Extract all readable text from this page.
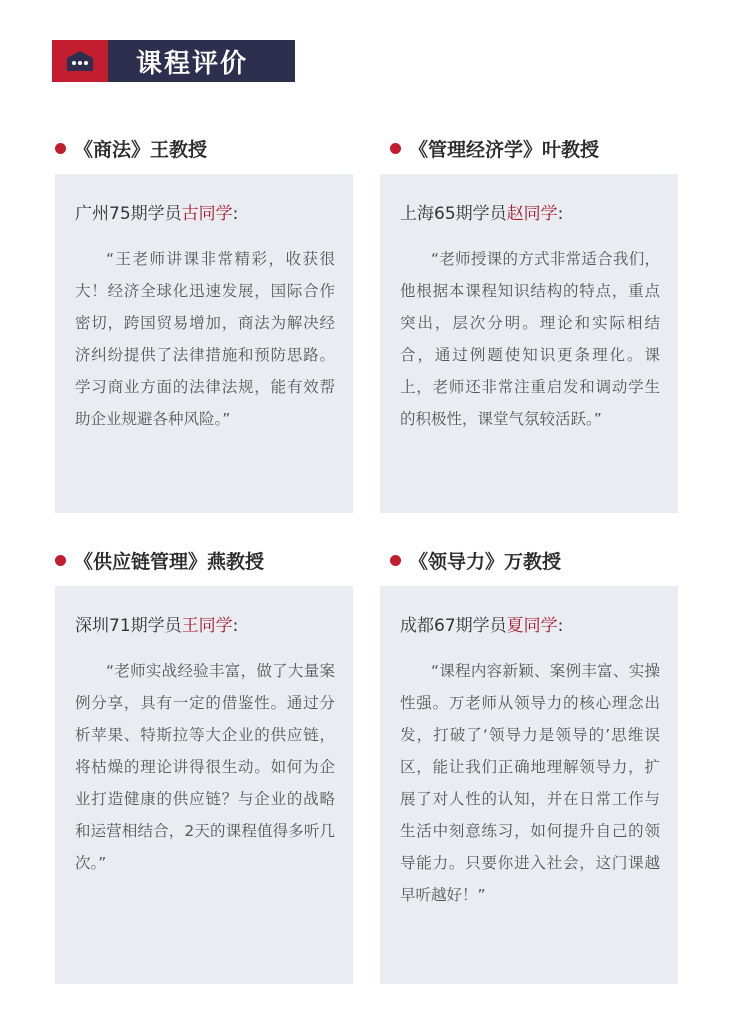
课程评价
《商法》王教授
广州75期学员古同学:

“王老师讲课非常精彩，收获很大！经济全球化迅速发展，国际合作密切，跨国贸易增加，商法为解决经济纠纷提供了法律措施和预防思路。学习商业方面的法律法规，能有效帮助企业规避各种风险。”

《管理经济学》叶教授
上海65期学员赵同学:

“老师授课的方式非常适合我们，他根据本课程知识结构的特点，重点突出，层次分明。理论和实际相结合，通过例题使知识更条理化。课上，老师还非常注重启发和调动学生的积极性，课堂气氛较活跃。”

《供应链管理》燕教授
深圳71期学员王同学:

“老师实战经验丰富，做了大量案例分享，具有一定的借鉴性。通过分析苹果、特斯拉等大企业的供应链，将枯燥的理论讲得很生动。如何为企业打造健康的供应链？与企业的战略和运营相结合，2天的课程值得多听几次。”

《领导力》万教授
成都67期学员夏同学:

“课程内容新颖、案例丰富、实操性强。万老师从领导力的核心理念出发，打破了‘领导力是领导的’思维误区，能让我们正确地理解领导力，扩展了对人性的认知，并在日常工作与生活中刻意练习，如何提升自己的领导能力。只要你进入社会，这门课越早听越好！”
